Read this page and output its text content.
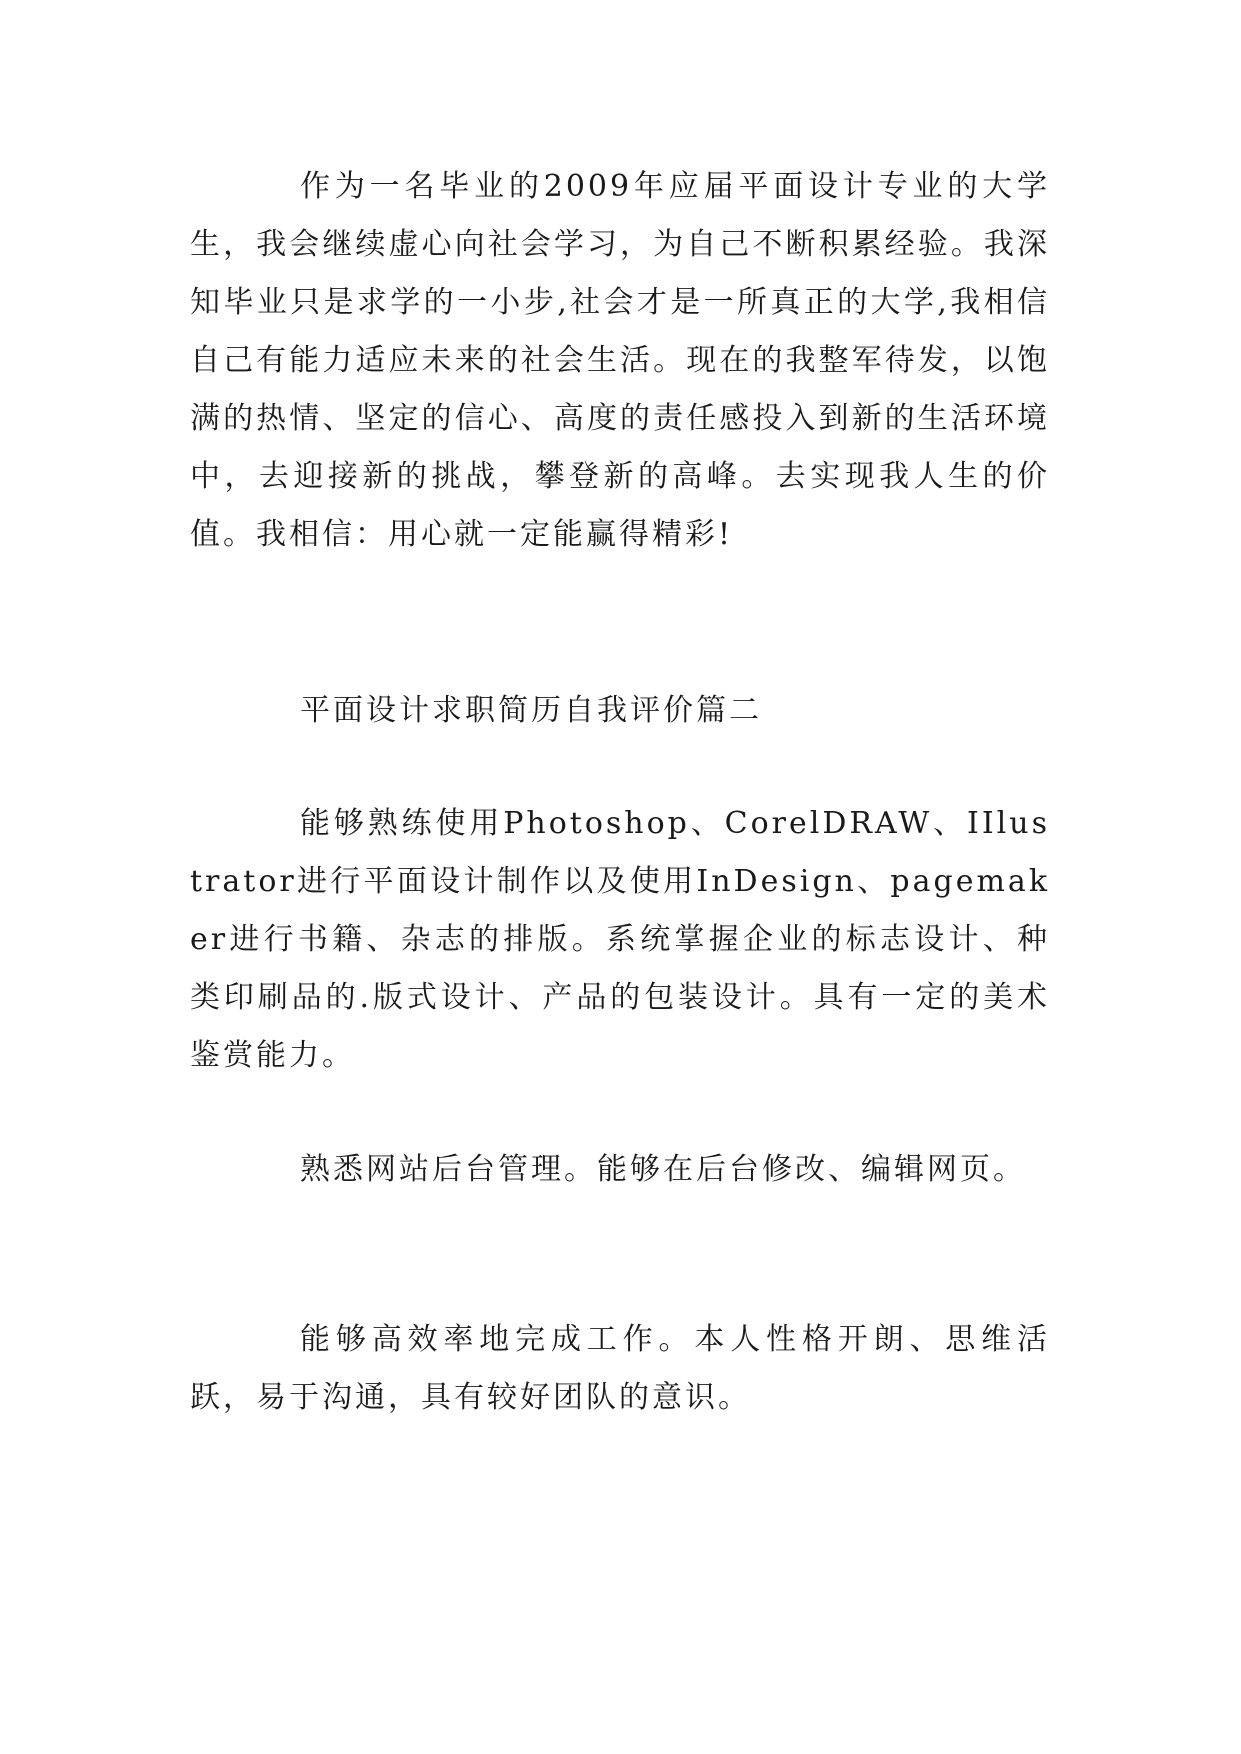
作为一名毕业的2009年应届平面设计专业的大学生，我会继续虚心向社会学习，为自己不断积累经验。我深知毕业只是求学的一小步,社会才是一所真正的大学,我相信自己有能力适应未来的社会生活。现在的我整军待发，以饱满的热情、坚定的信心、高度的责任感投入到新的生活环境中，去迎接新的挑战，攀登新的高峰。去实现我人生的价值。我相信：用心就一定能赢得精彩!

平面设计求职简历自我评价篇二

能够熟练使用Photoshop、CorelDRAW、IIlustrator进行平面设计制作以及使用InDesign、pagemaker进行书籍、杂志的排版。系统掌握企业的标志设计、种类印刷品的.版式设计、产品的包装设计。具有一定的美术鉴赏能力。

熟悉网站后台管理。能够在后台修改、编辑网页。

能够高效率地完成工作。本人性格开朗、思维活跃，易于沟通，具有较好团队的意识。
